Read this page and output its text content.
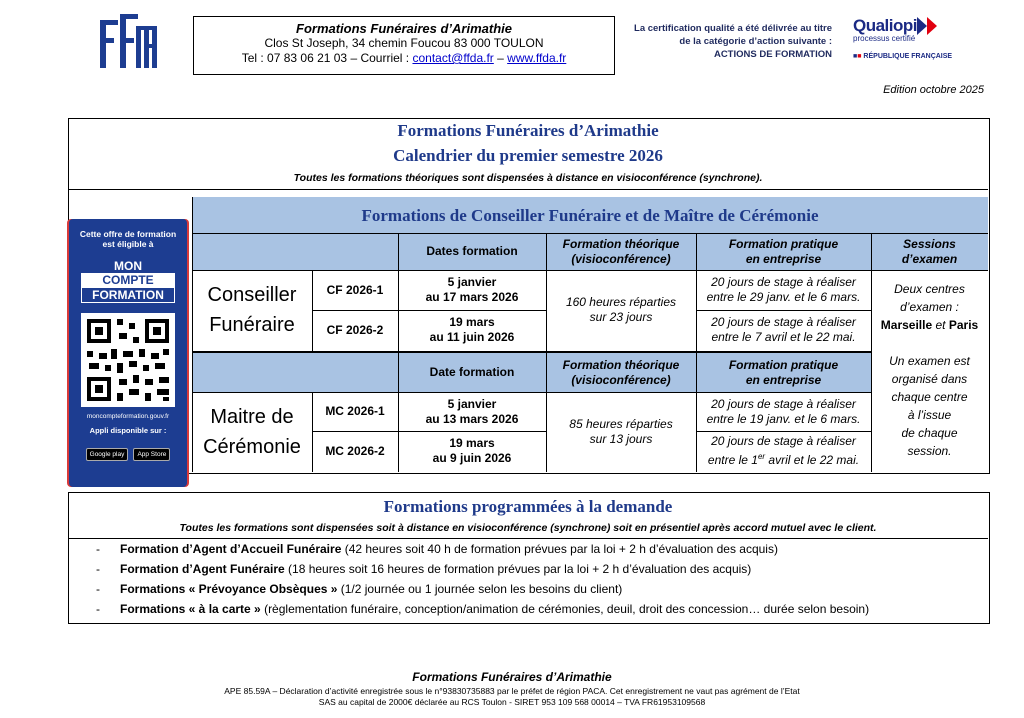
Formations Funéraires d’Arimathie
Clos St Joseph, 34 chemin Foucou 83 000 TOULON
Tel : 07 83 06 21 03 – Courriel : contact@ffda.fr – www.ffda.fr
La certification qualité a été délivrée au titre
de la catégorie d’action suivante :
ACTIONS DE FORMATION
Qualiopi
processus certifié
■■ RÉPUBLIQUE FRANÇAISE
Edition octobre 2025
Formations Funéraires d’Arimathie
Calendrier du premier semestre 2026
Toutes les formations théoriques sont dispensées à distance en visioconférence (synchrone).
Formations de Conseiller Funéraire et de Maître de Cérémonie
Dates formation
Formation théorique
(visioconférence)
Formation pratique
en entreprise
Sessions
d’examen
Conseiller
Funéraire
CF 2026-1
CF 2026-2
5 janvier
au 17 mars 2026
19 mars
au 11 juin 2026
160 heures réparties
sur 23 jours
20 jours de stage à réaliser
entre le 29 janv. et le 6 mars.
20 jours de stage à réaliser
entre le 7 avril et le 22 mai.
Date formation
Formation théorique
(visioconférence)
Formation pratique
en entreprise
Maitre de
Cérémonie
MC 2026-1
MC 2026-2
5 janvier
au 13 mars 2026
19 mars
au 9 juin 2026
85 heures réparties
sur 13 jours
20 jours de stage à réaliser
entre le 19 janv. et le 6 mars.
20 jours de stage à réaliser
entre le 1er avril et le 22 mai.
Deux centres
d’examen :
Marseille et Paris
Un examen est
organisé dans
chaque centre
à l’issue
de chaque
session.
Cette offre de formation
est éligible à
MON
COMPTE
FORMATION
moncompteformation.gouv.fr
Appli disponible sur :
Google play App Store
Formations programmées à la demande
Toutes les formations sont dispensées soit à distance en visioconférence (synchrone) soit en présentiel après accord mutuel avec le client.
- Formation d’Agent d’Accueil Funéraire (42 heures soit 40 h de formation prévues par la loi + 2 h d’évaluation des acquis)
- Formation d’Agent Funéraire (18 heures soit 16 heures de formation prévues par la loi + 2 h d’évaluation des acquis)
- Formations « Prévoyance Obsèques » (1/2 journée ou 1 journée selon les besoins du client)
- Formations « à la carte » (règlementation funéraire, conception/animation de cérémonies, deuil, droit des concession… durée selon besoin)
Formations Funéraires d’Arimathie
APE 85.59A – Déclaration d’activité enregistrée sous le n°93830735883 par le préfet de région PACA. Cet enregistrement ne vaut pas agrément de l’Etat
SAS au capital de 2000€ déclarée au RCS Toulon - SIRET 953 109 568 00014 – TVA FR61953109568
